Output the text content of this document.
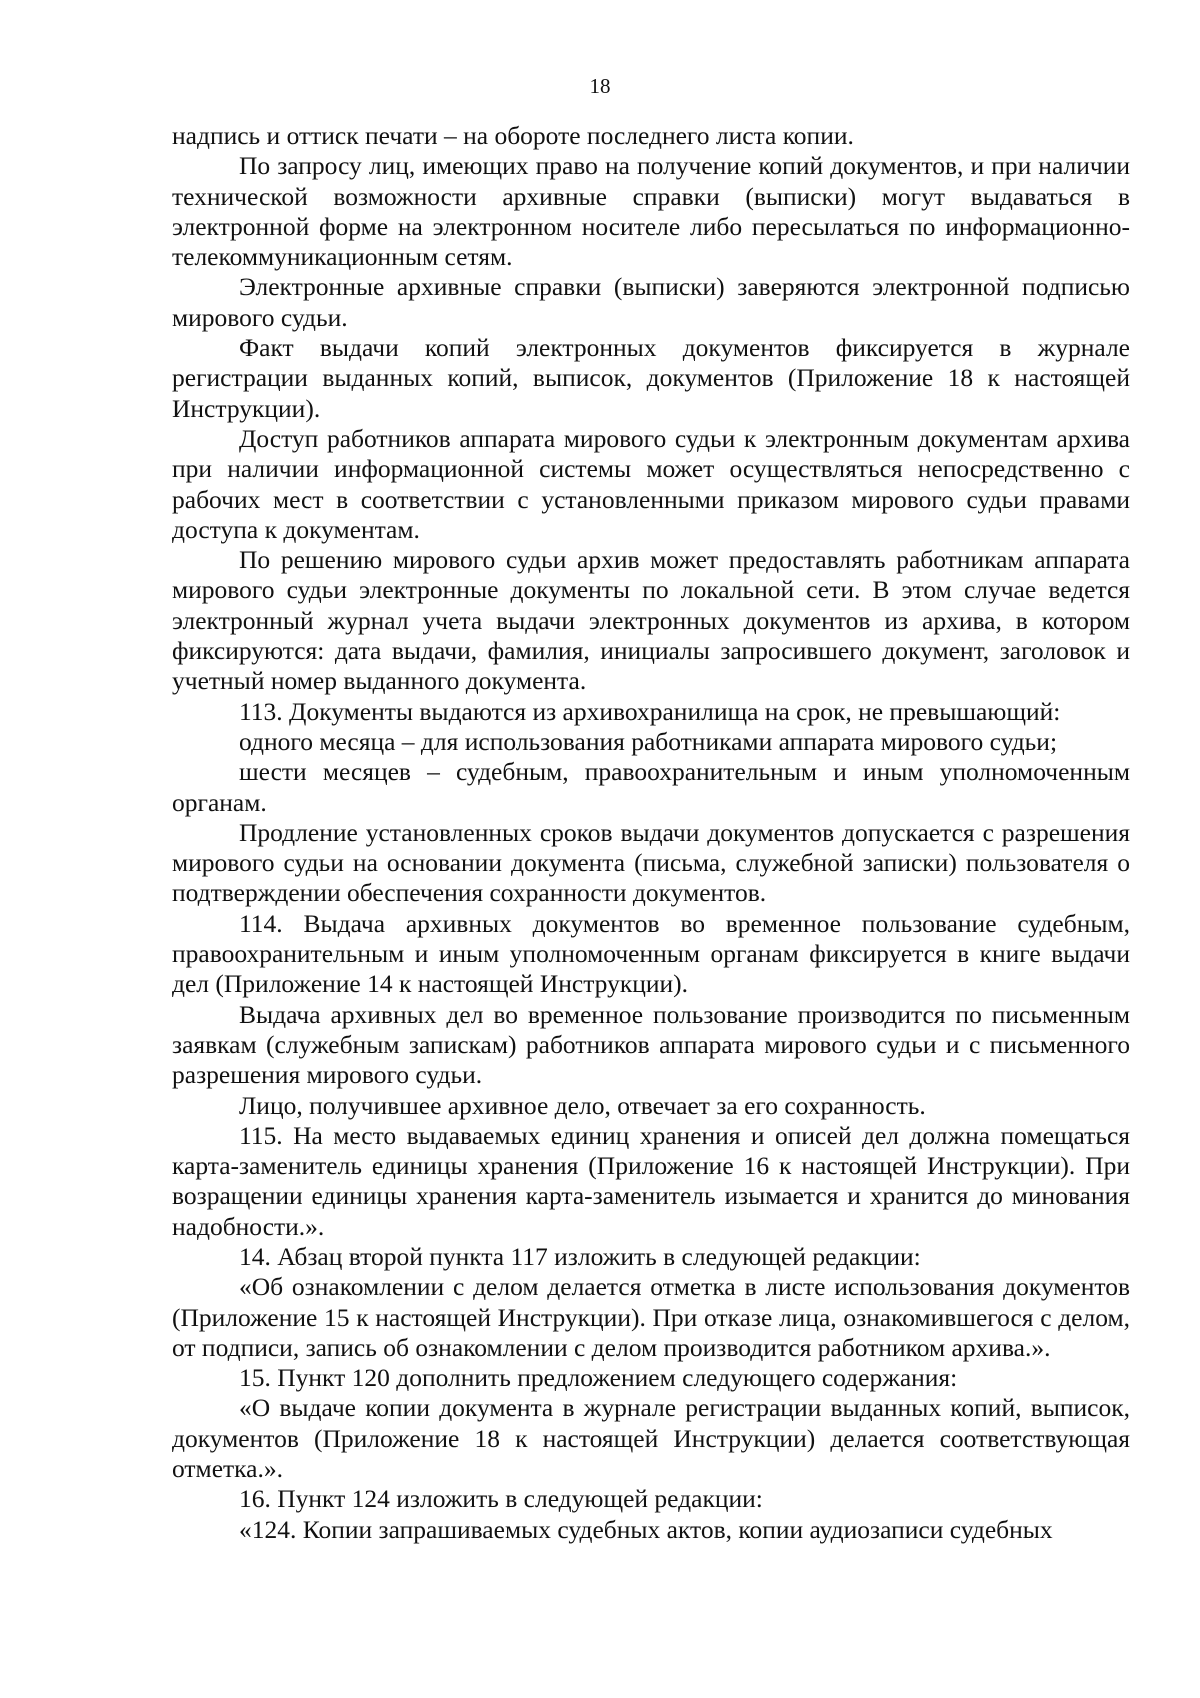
18

надпись и оттиск печати – на обороте последнего листа копии.

По запросу лиц, имеющих право на получение копий документов, и при наличии технической возможности архивные справки (выписки) могут выдаваться в электронной форме на электронном носителе либо пересылаться по информационно-телекоммуникационным сетям.

Электронные архивные справки (выписки) заверяются электронной подписью мирового судьи.

Факт выдачи копий электронных документов фиксируется в журнале регистрации выданных копий, выписок, документов (Приложение 18 к настоящей Инструкции).

Доступ работников аппарата мирового судьи к электронным документам архива при наличии информационной системы может осуществляться непосредственно с рабочих мест в соответствии с установленными приказом мирового судьи правами доступа к документам.

По решению мирового судьи архив может предоставлять работникам аппарата мирового судьи электронные документы по локальной сети. В этом случае ведется электронный журнал учета выдачи электронных документов из архива, в котором фиксируются: дата выдачи, фамилия, инициалы запросившего документ, заголовок и учетный номер выданного документа.

113. Документы выдаются из архивохранилища на срок, не превышающий:

одного месяца – для использования работниками аппарата мирового судьи;

шести месяцев – судебным, правоохранительным и иным уполномоченным органам.

Продление установленных сроков выдачи документов допускается с разрешения мирового судьи на основании документа (письма, служебной записки) пользователя о подтверждении обеспечения сохранности документов.

114. Выдача архивных документов во временное пользование судебным, правоохранительным и иным уполномоченным органам фиксируется в книге выдачи дел (Приложение 14 к настоящей Инструкции).

Выдача архивных дел во временное пользование производится по письменным заявкам (служебным запискам) работников аппарата мирового судьи и с письменного разрешения мирового судьи.

Лицо, получившее архивное дело, отвечает за его сохранность.

115. На место выдаваемых единиц хранения и описей дел должна помещаться карта-заменитель единицы хранения (Приложение 16 к настоящей Инструкции). При возращении единицы хранения карта-заменитель изымается и хранится до минования надобности.».

14. Абзац второй пункта 117 изложить в следующей редакции:

«Об ознакомлении с делом делается отметка в листе использования документов (Приложение 15 к настоящей Инструкции). При отказе лица, ознакомившегося с делом, от подписи, запись об ознакомлении с делом производится работником архива.».

15. Пункт 120 дополнить предложением следующего содержания:

«О выдаче копии документа в журнале регистрации выданных копий, выписок, документов (Приложение 18 к настоящей Инструкции) делается соответствующая отметка.».

16. Пункт 124 изложить в следующей редакции:

«124. Копии запрашиваемых судебных актов, копии аудиозаписи судебных
